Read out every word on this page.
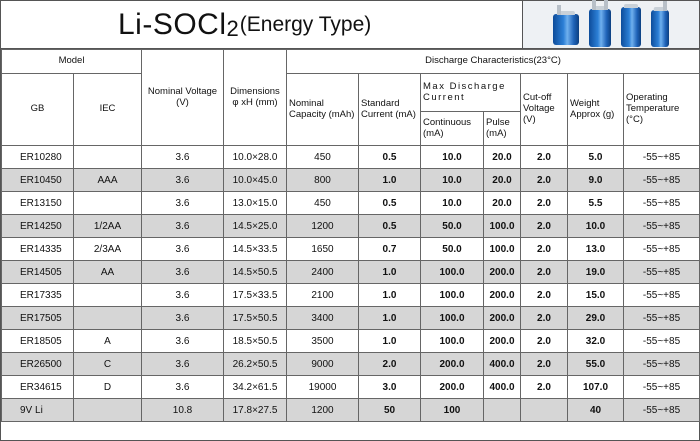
Li-SOCl 2 (Energy Type)
Model		Nominal Voltage (V)	Dimensions φ xH (mm)	Discharge Characteristics(23°C)						
GB	IEC			Nominal Capacity (mAh)	Standard Current (mA)	Max Discharge Current		Cut-off Voltage (V)	Weight Approx (g)	Operating Temperature (°C)
						Continuous (mA)	Pulse (mA)			
ER10280		3.6	10.0×28.0	450	0.5	10.0	20.0	2.0	5.0	-55~+85
ER10450	AAA	3.6	10.0×45.0	800	1.0	10.0	20.0	2.0	9.0	-55~+85
ER13150		3.6	13.0×15.0	450	0.5	10.0	20.0	2.0	5.5	-55~+85
ER14250	1/2AA	3.6	14.5×25.0	1200	0.5	50.0	100.0	2.0	10.0	-55~+85
ER14335	2/3AA	3.6	14.5×33.5	1650	0.7	50.0	100.0	2.0	13.0	-55~+85
ER14505	AA	3.6	14.5×50.5	2400	1.0	100.0	200.0	2.0	19.0	-55~+85
ER17335		3.6	17.5×33.5	2100	1.0	100.0	200.0	2.0	15.0	-55~+85
ER17505		3.6	17.5×50.5	3400	1.0	100.0	200.0	2.0	29.0	-55~+85
ER18505	A	3.6	18.5×50.5	3500	1.0	100.0	200.0	2.0	32.0	-55~+85
ER26500	C	3.6	26.2×50.5	9000	2.0	200.0	400.0	2.0	55.0	-55~+85
ER34615	D	3.6	34.2×61.5	19000	3.0	200.0	400.0	2.0	107.0	-55~+85
9V Li		10.8	17.8×27.5	1200	50	100			40	-55~+85
